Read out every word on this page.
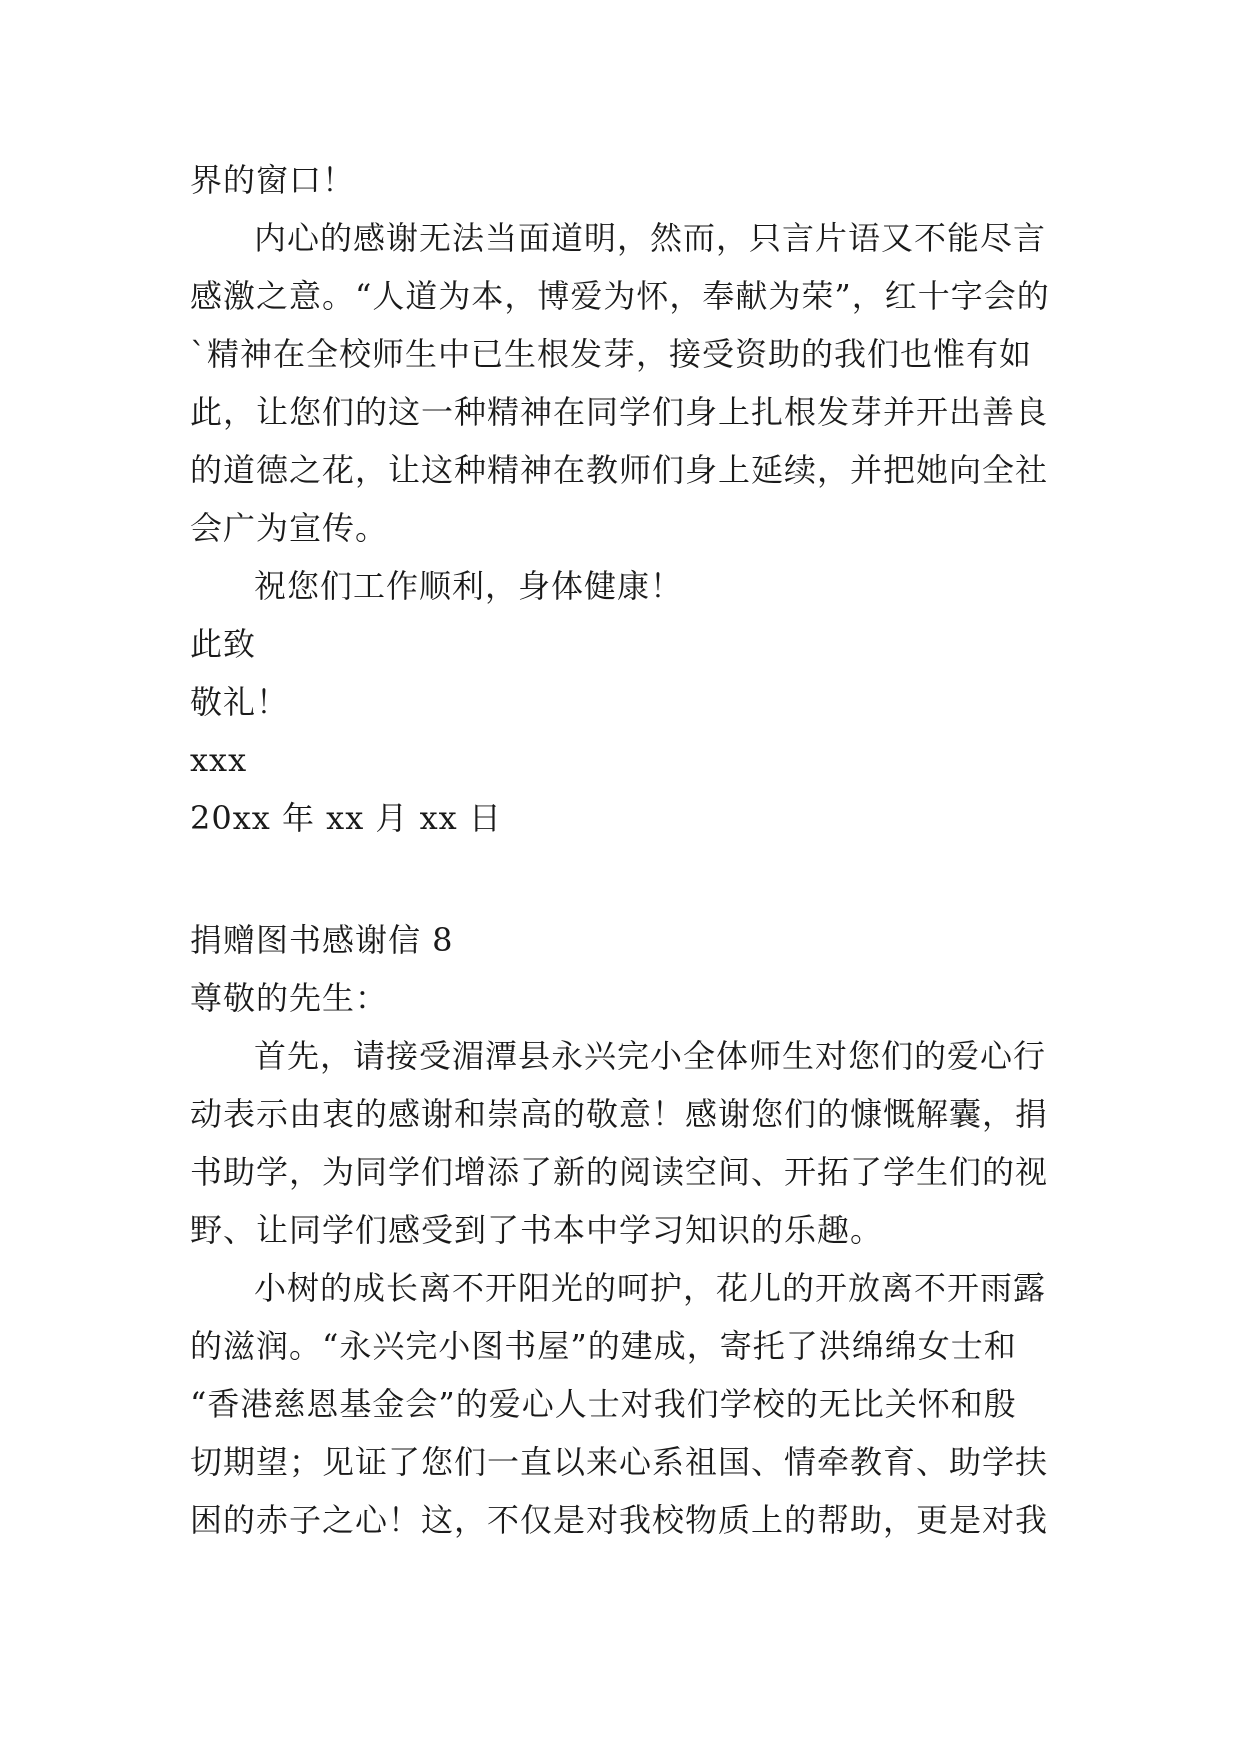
界的窗口！
内心的感谢无法当面道明，然而，只言片语又不能尽言
感激之意。“人道为本，博爱为怀，奉献为荣”，红十字会的
`精神在全校师生中已生根发芽，接受资助的我们也惟有如
此，让您们的这一种精神在同学们身上扎根发芽并开出善良
的道德之花，让这种精神在教师们身上延续，并把她向全社
会广为宣传。
祝您们工作顺利，身体健康！
此致
敬礼！
xxx
20xx 年 xx 月 xx 日
捐赠图书感谢信 8
尊敬的先生：
首先，请接受湄潭县永兴完小全体师生对您们的爱心行
动表示由衷的感谢和崇高的敬意！感谢您们的慷慨解囊，捐
书助学，为同学们增添了新的阅读空间、开拓了学生们的视
野、让同学们感受到了书本中学习知识的乐趣。
小树的成长离不开阳光的呵护，花儿的开放离不开雨露
的滋润。“永兴完小图书屋”的建成，寄托了洪绵绵女士和
“香港慈恩基金会”的爱心人士对我们学校的无比关怀和殷
切期望；见证了您们一直以来心系祖国、情牵教育、助学扶
困的赤子之心！这，不仅是对我校物质上的帮助，更是对我
